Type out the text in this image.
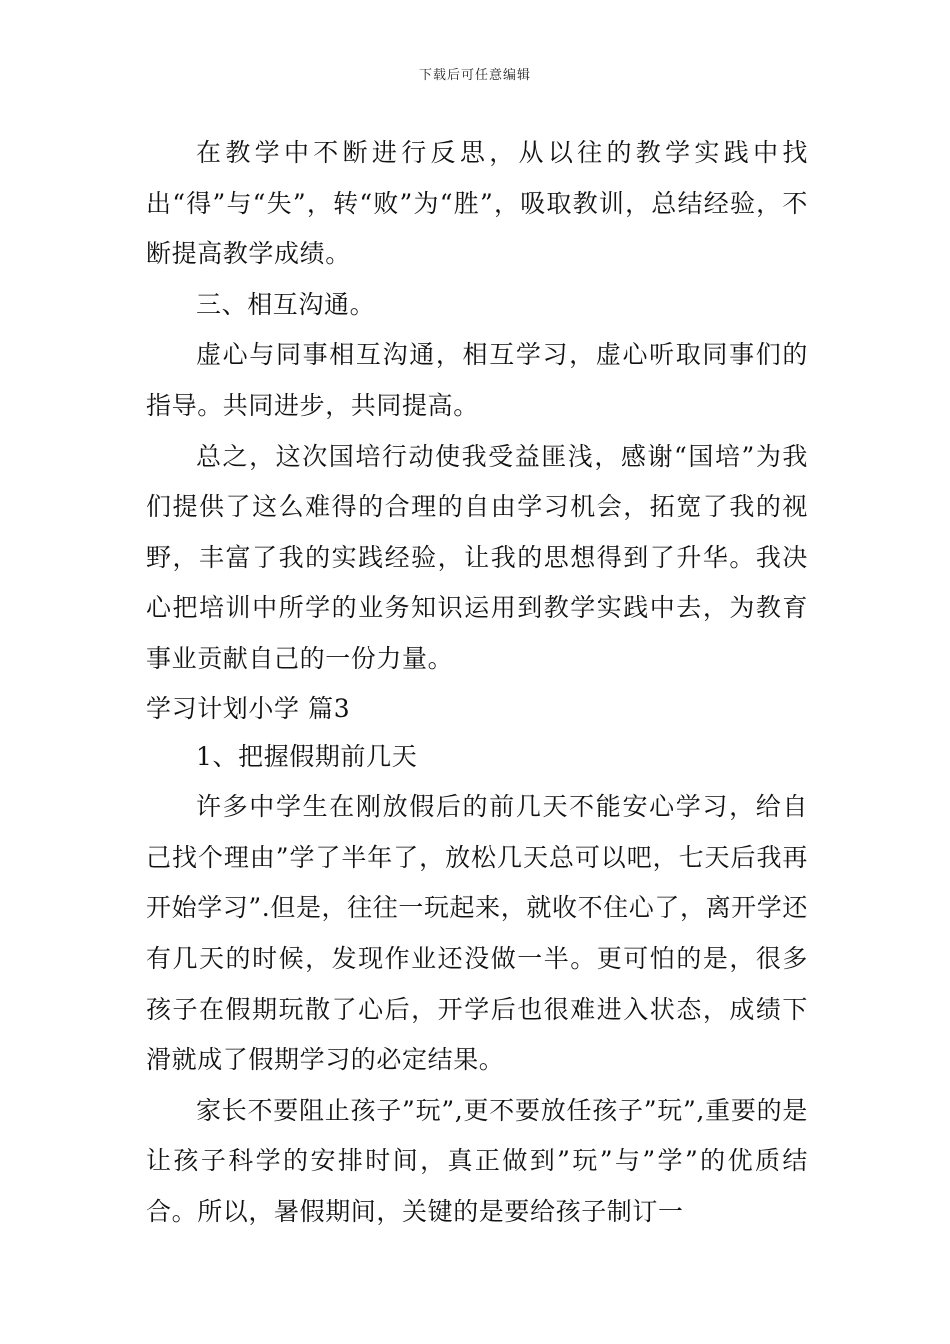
下载后可任意编辑

在教学中不断进行反思，从以往的教学实践中找出“得”与“失”，转“败”为“胜”，吸取教训，总结经验，不断提高教学成绩。

三、相互沟通。

虚心与同事相互沟通，相互学习，虚心听取同事们的指导。共同进步，共同提高。

总之，这次国培行动使我受益匪浅，感谢“国培”为我们提供了这么难得的合理的自由学习机会，拓宽了我的视野，丰富了我的实践经验，让我的思想得到了升华。我决心把培训中所学的业务知识运用到教学实践中去，为教育事业贡献自己的一份力量。

学习计划小学 篇3

1、把握假期前几天

许多中学生在刚放假后的前几天不能安心学习，给自己找个理由”学了半年了，放松几天总可以吧，七天后我再开始学习”.但是，往往一玩起来，就收不住心了，离开学还有几天的时候，发现作业还没做一半。更可怕的是，很多孩子在假期玩散了心后，开学后也很难进入状态，成绩下滑就成了假期学习的必定结果。

家长不要阻止孩子”玩”,更不要放任孩子”玩”,重要的是让孩子科学的安排时间，真正做到”玩”与”学”的优质结合。所以，暑假期间，关键的是要给孩子制订一
